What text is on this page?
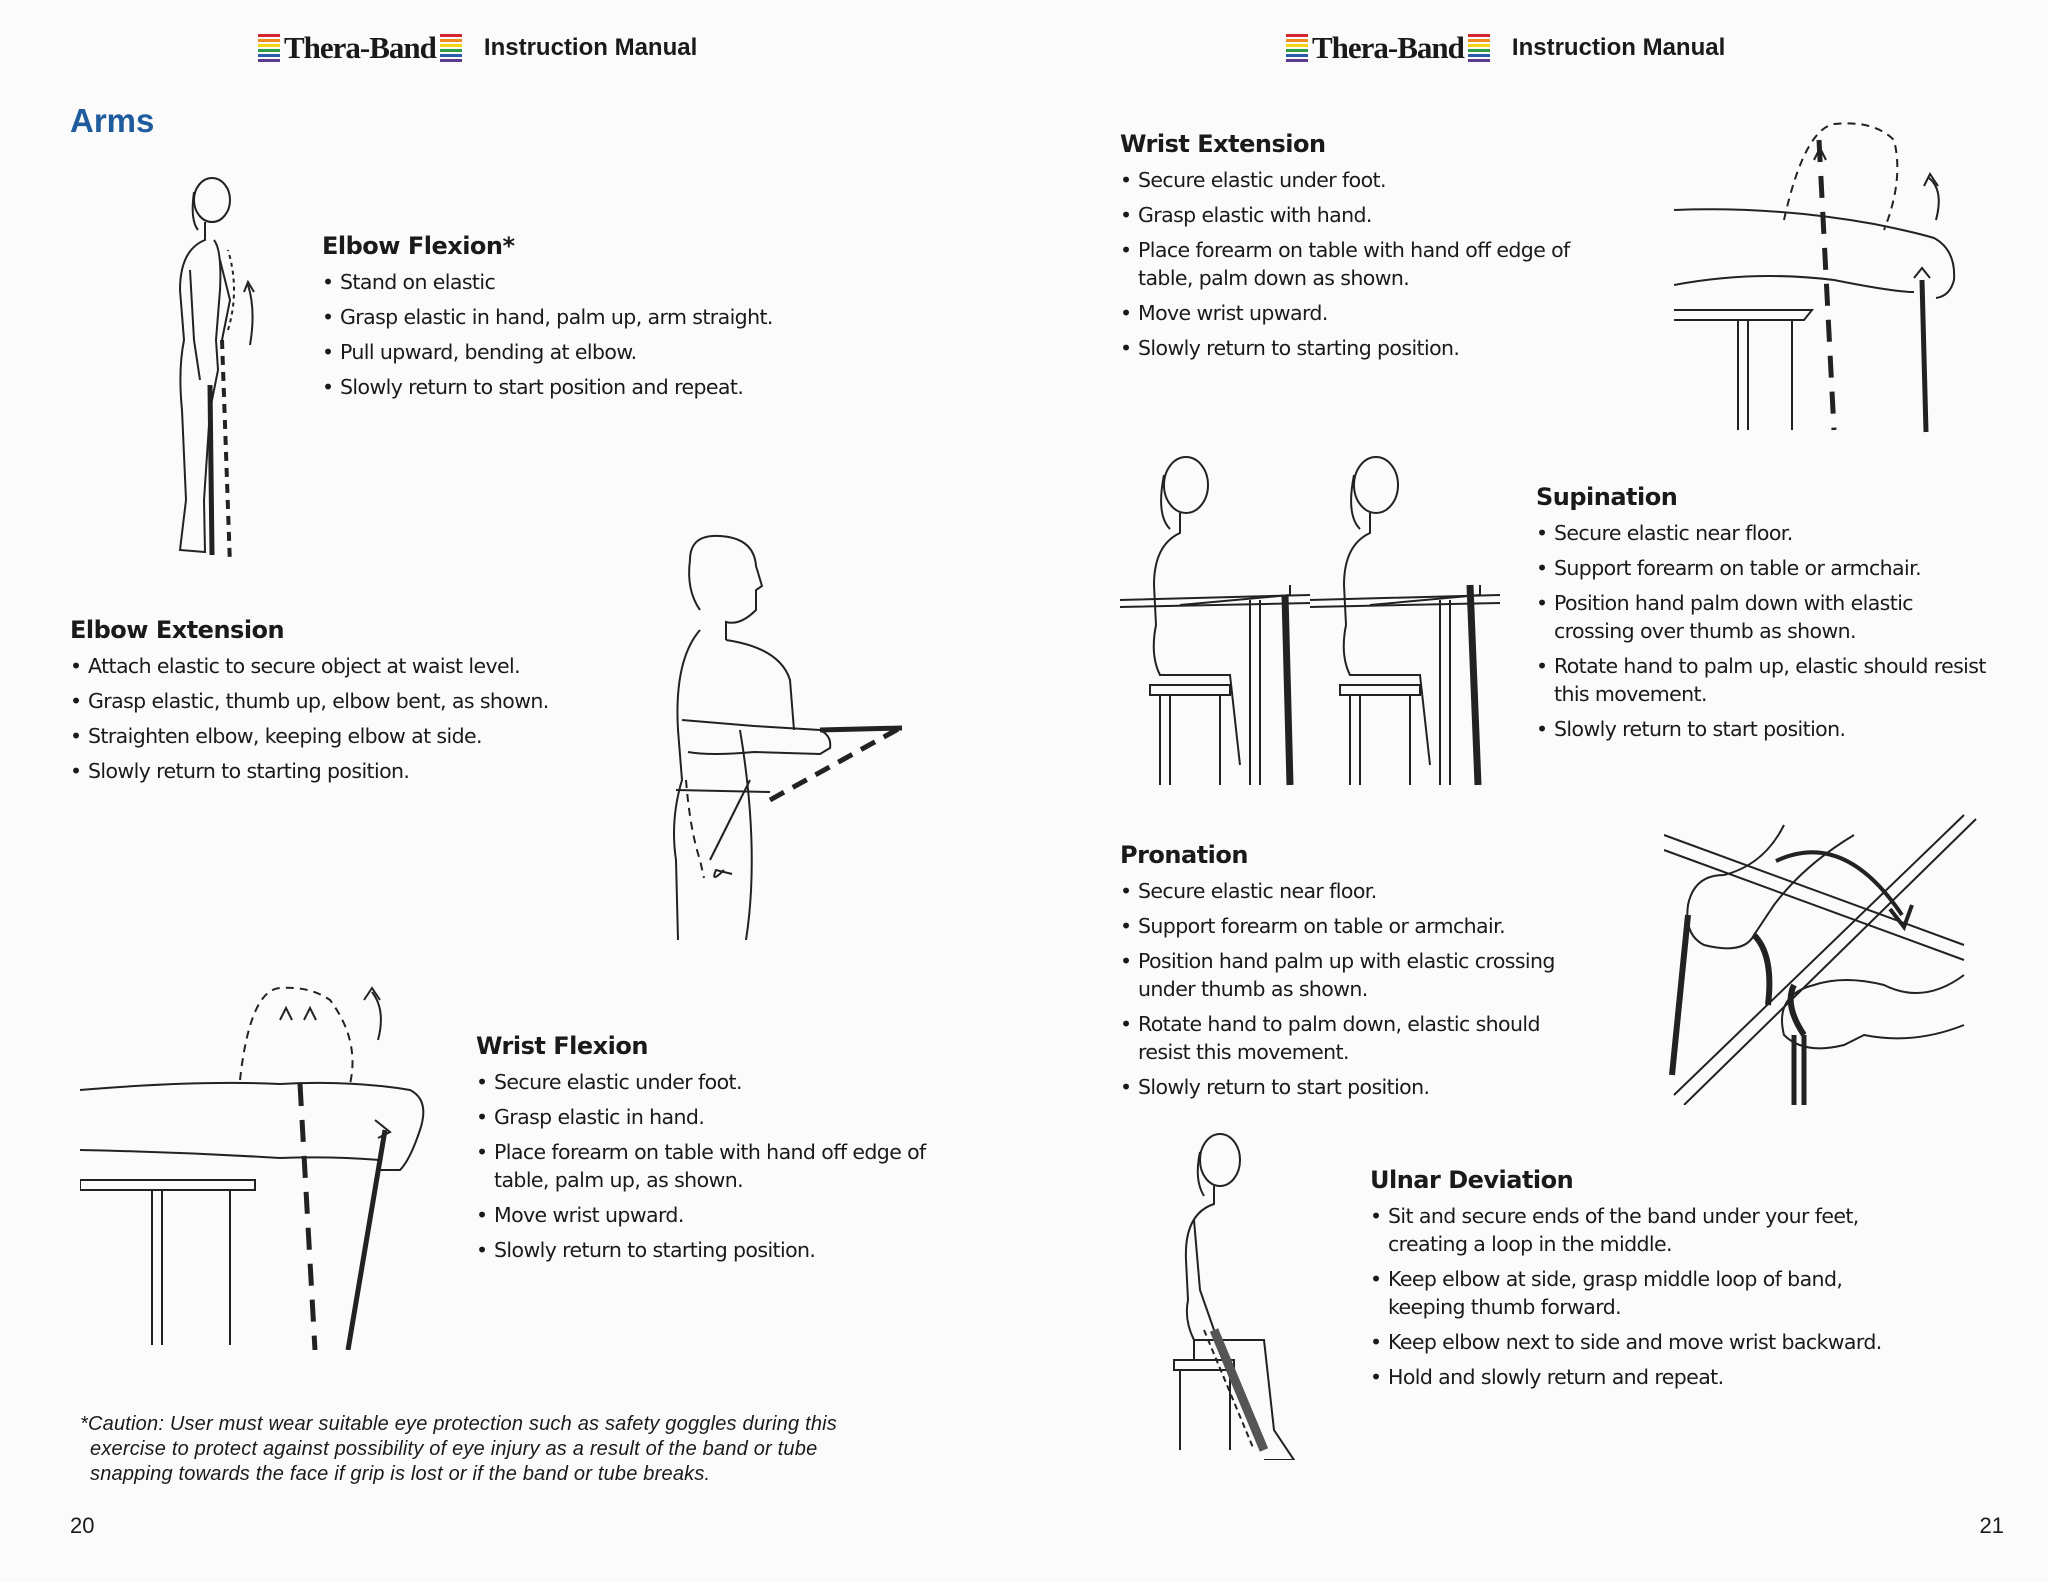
Thera-Band Instruction Manual
Arms
Elbow Flexion*
• Stand on elastic
• Grasp elastic in hand, palm up, arm straight.
• Pull upward, bending at elbow.
• Slowly return to start position and repeat.
Elbow Extension
• Attach elastic to secure object at waist level.
• Grasp elastic, thumb up, elbow bent, as shown.
• Straighten elbow, keeping elbow at side.
• Slowly return to starting position.
Wrist Flexion
• Secure elastic under foot.
• Grasp elastic in hand.
• Place forearm on table with hand off edge of table, palm up, as shown.
• Move wrist upward.
• Slowly return to starting position.
*Caution: User must wear suitable eye protection such as safety goggles during this
exercise to protect against possibility of eye injury as a result of the band or tube
snapping towards the face if grip is lost or if the band or tube breaks.
20
Thera-Band Instruction Manual
Wrist Extension
• Secure elastic under foot.
• Grasp elastic with hand.
• Place forearm on table with hand off edge of table, palm down as shown.
• Move wrist upward.
• Slowly return to starting position.
Supination
• Secure elastic near floor.
• Support forearm on table or armchair.
• Position hand palm down with elastic crossing over thumb as shown.
• Rotate hand to palm up, elastic should resist this movement.
• Slowly return to start position.
Pronation
• Secure elastic near floor.
• Support forearm on table or armchair.
• Position hand palm up with elastic crossing under thumb as shown.
• Rotate hand to palm down, elastic should resist this movement.
• Slowly return to start position.
Ulnar Deviation
• Sit and secure ends of the band under your feet, creating a loop in the middle.
• Keep elbow at side, grasp middle loop of band, keeping thumb forward.
• Keep elbow next to side and move wrist backward.
• Hold and slowly return and repeat.
21
